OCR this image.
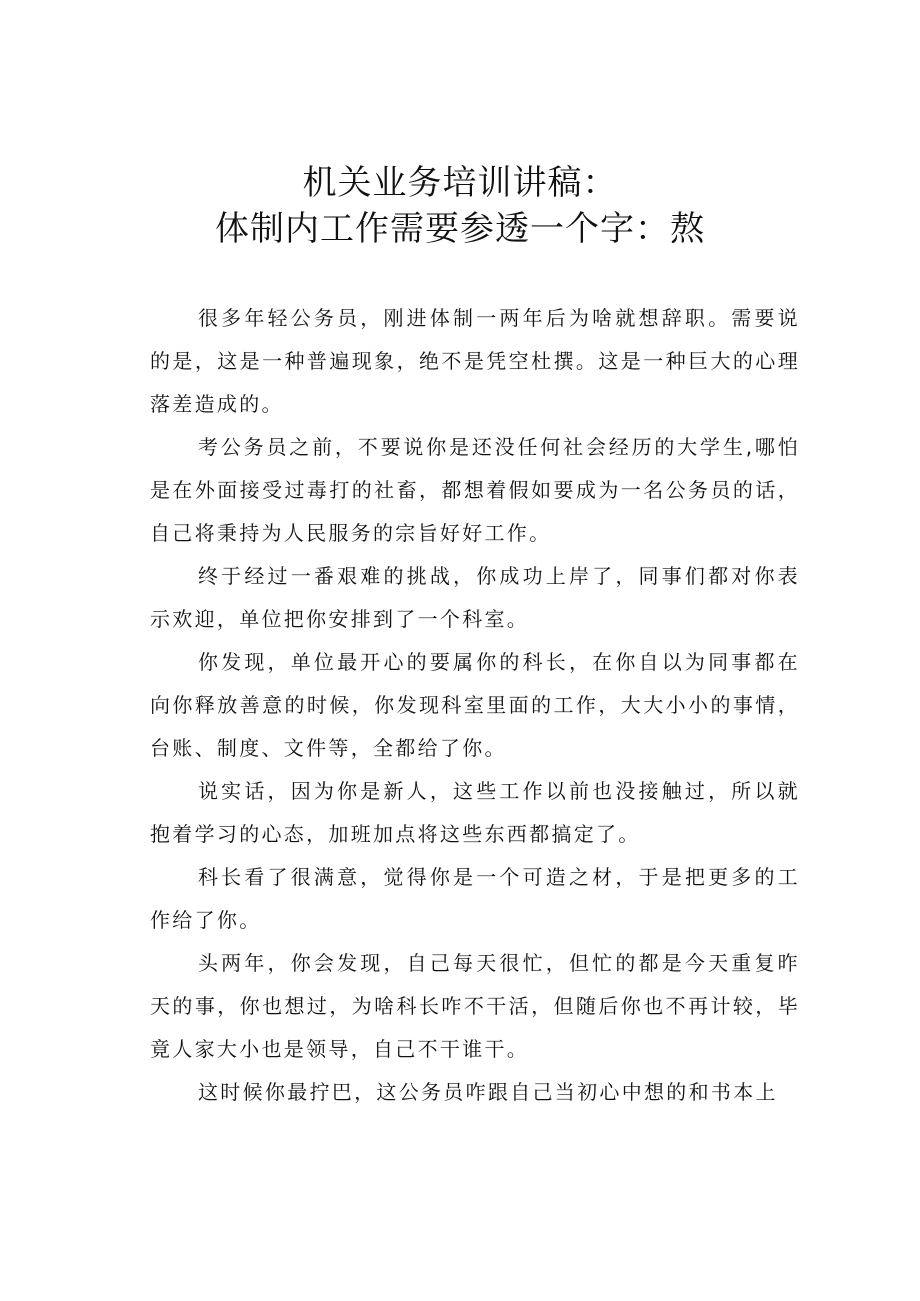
机关业务培训讲稿：
体制内工作需要参透一个字：熬

很多年轻公务员，刚进体制一两年后为啥就想辞职。需要说的是，这是一种普遍现象，绝不是凭空杜撰。这是一种巨大的心理落差造成的。

考公务员之前，不要说你是还没任何社会经历的大学生,哪怕是在外面接受过毒打的社畜，都想着假如要成为一名公务员的话，自己将秉持为人民服务的宗旨好好工作。

终于经过一番艰难的挑战，你成功上岸了，同事们都对你表示欢迎，单位把你安排到了一个科室。

你发现，单位最开心的要属你的科长，在你自以为同事都在向你释放善意的时候，你发现科室里面的工作，大大小小的事情，台账、制度、文件等，全都给了你。

说实话，因为你是新人，这些工作以前也没接触过，所以就抱着学习的心态，加班加点将这些东西都搞定了。

科长看了很满意，觉得你是一个可造之材，于是把更多的工作给了你。

头两年，你会发现，自己每天很忙，但忙的都是今天重复昨天的事，你也想过，为啥科长咋不干活，但随后你也不再计较，毕竟人家大小也是领导，自己不干谁干。

这时候你最拧巴，这公务员咋跟自己当初心中想的和书本上
